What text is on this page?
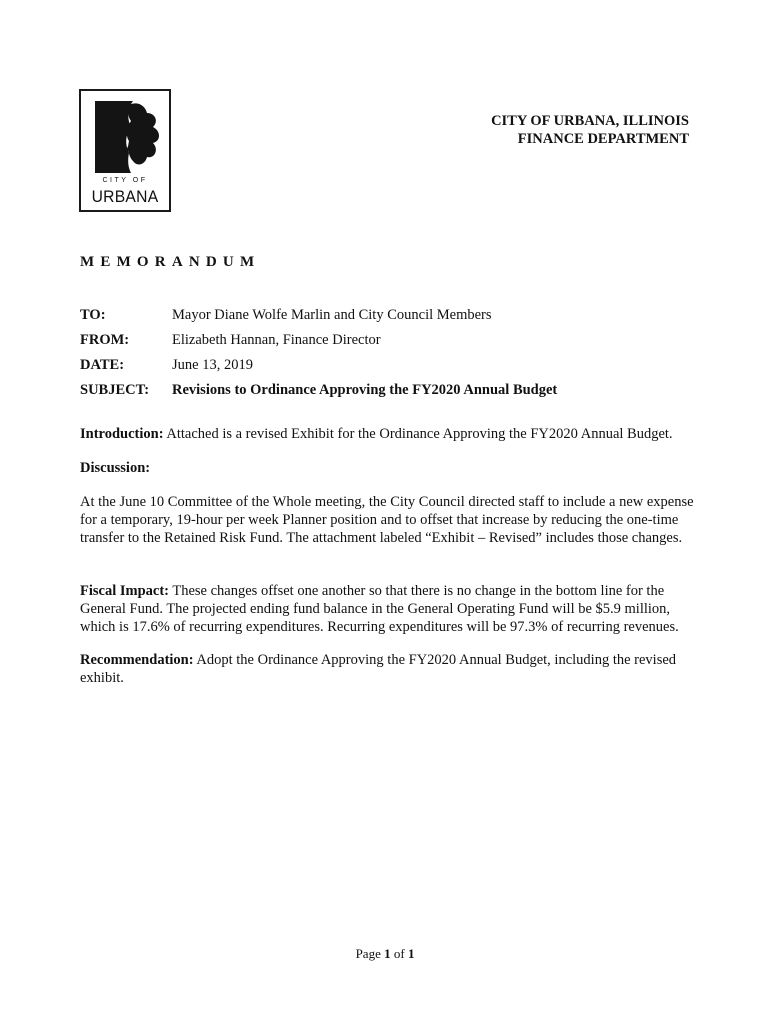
CITY OF
URBANA
CITY OF URBANA, ILLINOIS
FINANCE DEPARTMENT
MEMORANDUM
TO:	Mayor Diane Wolfe Marlin and City Council Members
FROM:	Elizabeth Hannan, Finance Director
DATE:	June 13, 2019
SUBJECT: Revisions to Ordinance Approving the FY2020 Annual Budget
Introduction: Attached is a revised Exhibit for the Ordinance Approving the FY2020 Annual Budget.
Discussion:
At the June 10 Committee of the Whole meeting, the City Council directed staff to include a new expense for a temporary, 19-hour per week Planner position and to offset that increase by reducing the one-time transfer to the Retained Risk Fund. The attachment labeled “Exhibit – Revised” includes those changes.
Fiscal Impact: These changes offset one another so that there is no change in the bottom line for the General Fund. The projected ending fund balance in the General Operating Fund will be $5.9 million, which is 17.6% of recurring expenditures. Recurring expenditures will be 97.3% of recurring revenues.
Recommendation: Adopt the Ordinance Approving the FY2020 Annual Budget, including the revised exhibit.
Page 1 of 1
